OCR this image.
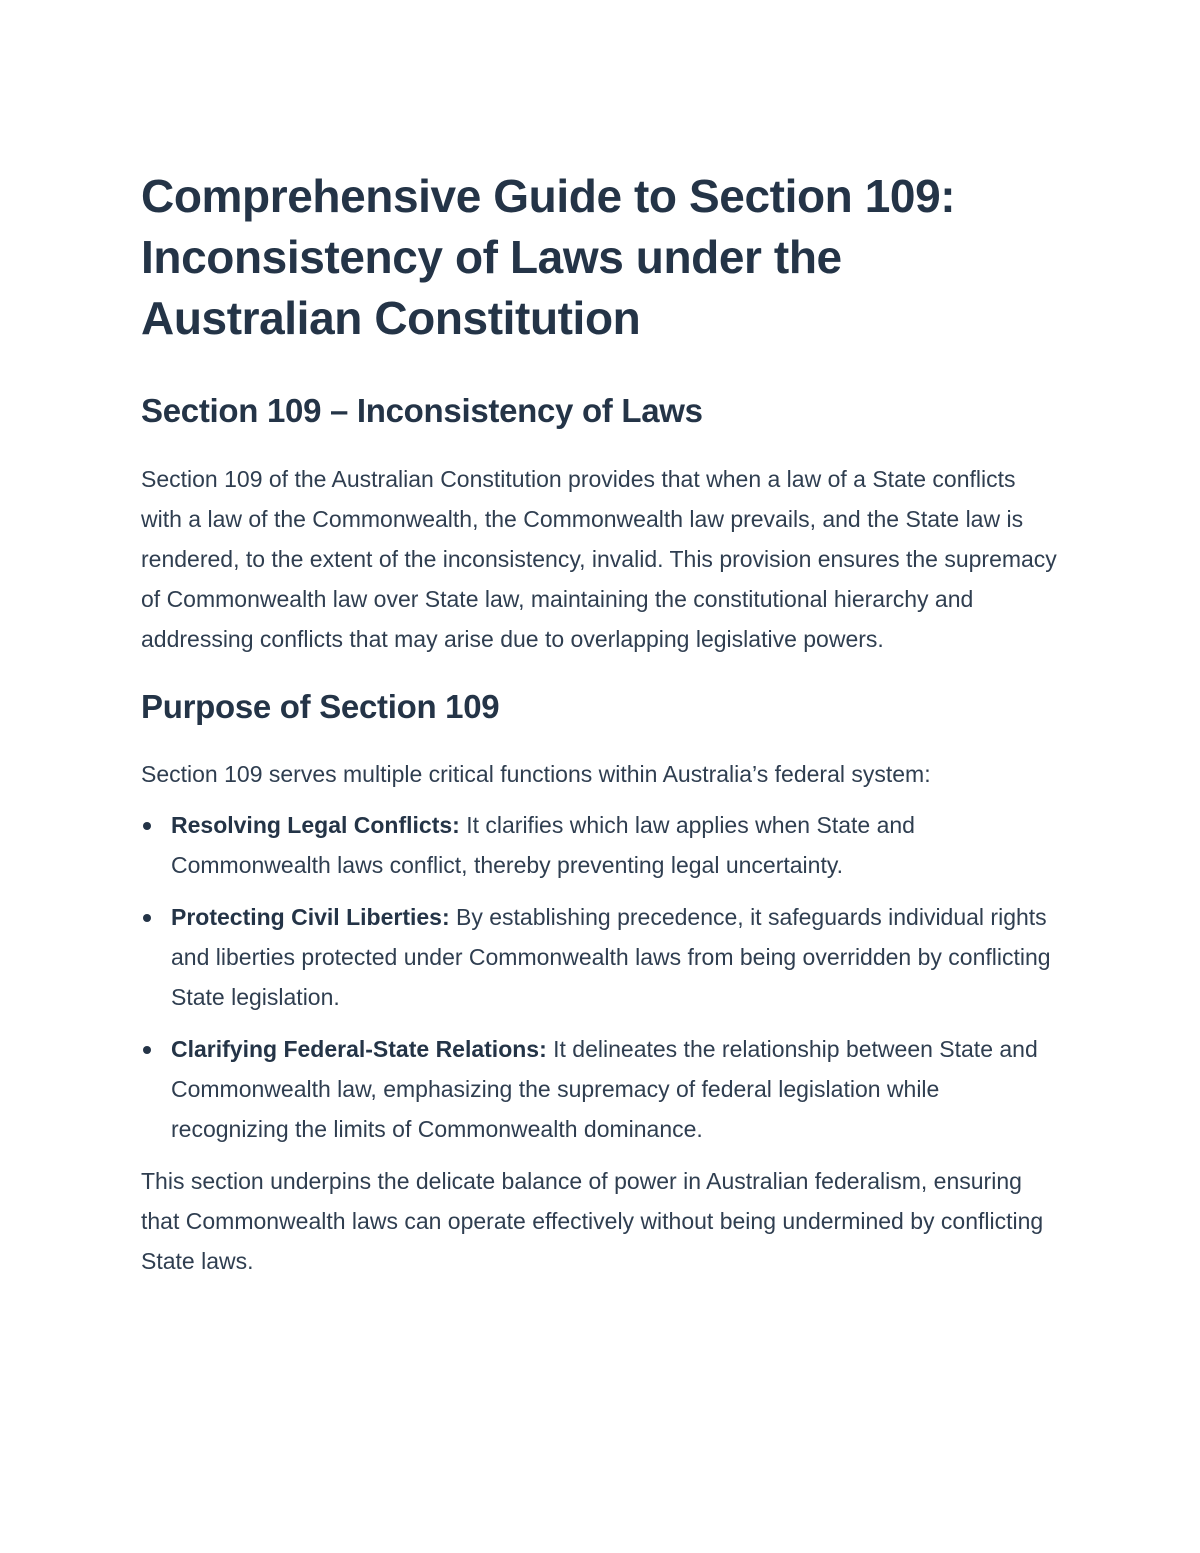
Comprehensive Guide to Section 109: Inconsistency of Laws under the Australian Constitution
Section 109 – Inconsistency of Laws

Section 109 of the Australian Constitution provides that when a law of a State conflicts with a law of the Commonwealth, the Commonwealth law prevails, and the State law is rendered, to the extent of the inconsistency, invalid. This provision ensures the supremacy of Commonwealth law over State law, maintaining the constitutional hierarchy and addressing conflicts that may arise due to overlapping legislative powers.

Purpose of Section 109

Section 109 serves multiple critical functions within Australia’s federal system:

Resolving Legal Conflicts: It clarifies which law applies when State and Commonwealth laws conflict, thereby preventing legal uncertainty.
Protecting Civil Liberties: By establishing precedence, it safeguards individual rights and liberties protected under Commonwealth laws from being overridden by conflicting State legislation.
Clarifying Federal-State Relations: It delineates the relationship between State and Commonwealth law, emphasizing the supremacy of federal legislation while recognizing the limits of Commonwealth dominance.

This section underpins the delicate balance of power in Australian federalism, ensuring that Commonwealth laws can operate effectively without being undermined by conflicting State laws.
